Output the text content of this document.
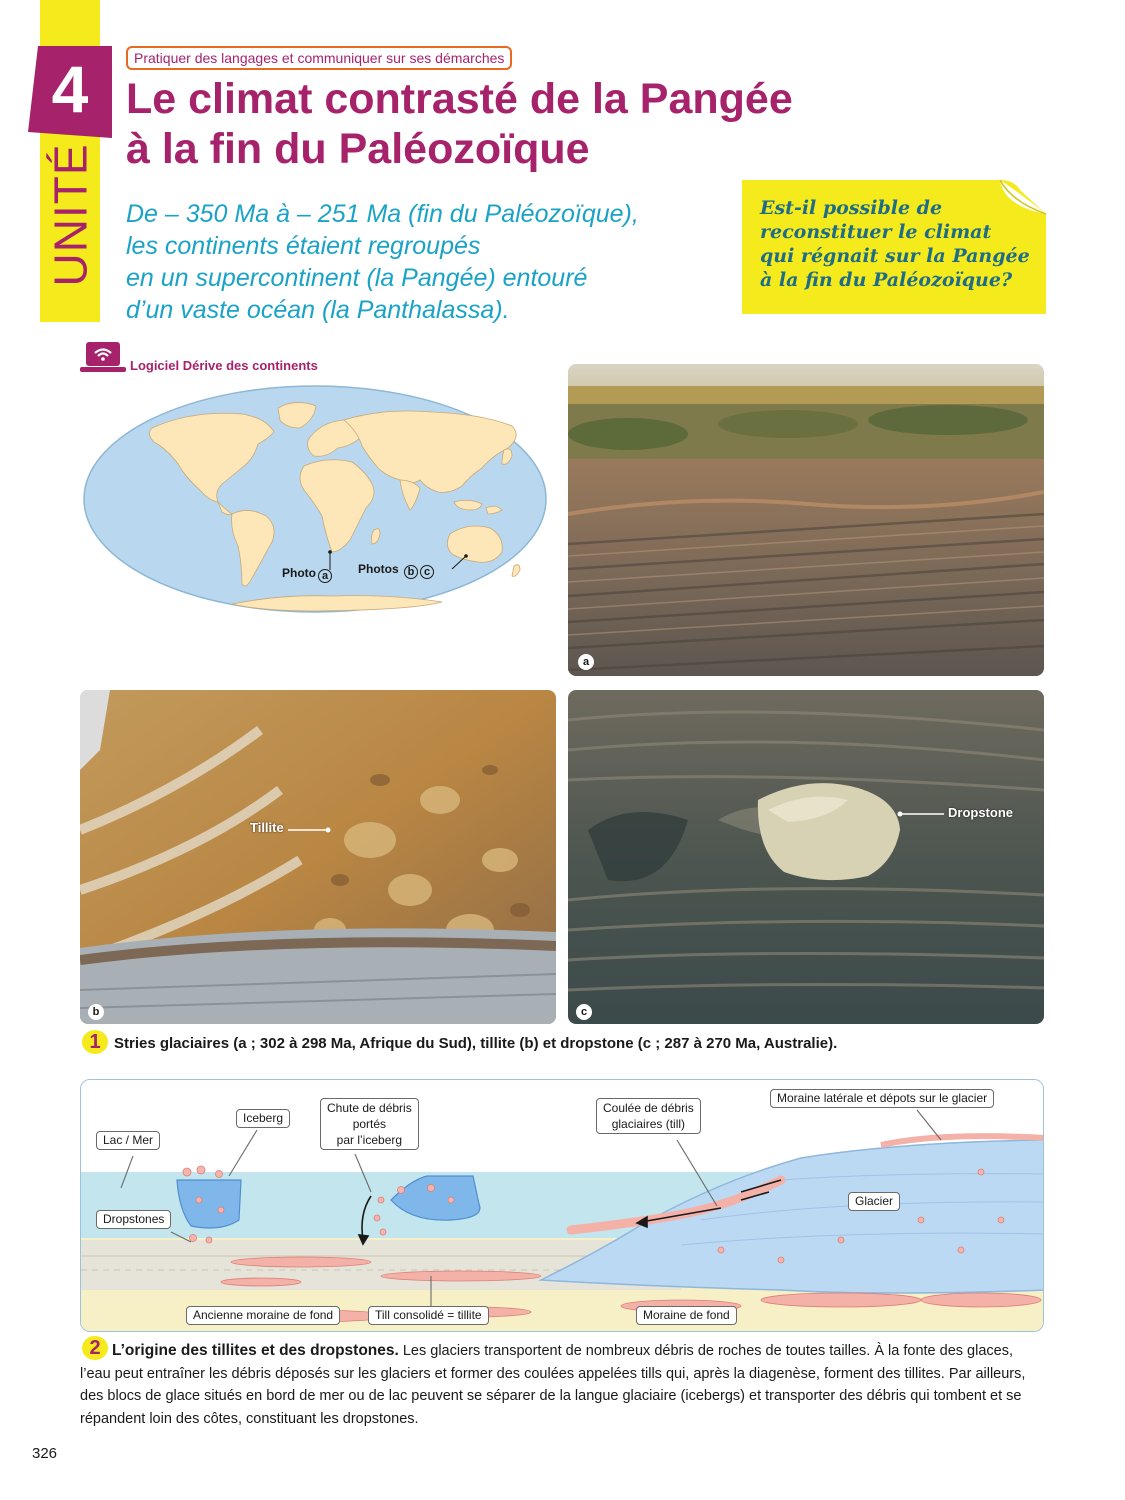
UNITÉ
4	Pratiquer des langages et communiquer sur ses démarches
Le climat contrasté de la Pangée
à la fin du Paléozoïque
De – 350 Ma à – 251 Ma (fin du Paléozoïque),
les continents étaient regroupés
en un supercontinent (la Pangée) entouré
d’un vaste océan (la Panthalassa).
Est-il possible de
reconstituer le climat
qui régnait sur la Pangée
à la fin du Paléozoïque?
Logiciel Dérive des continents
Photo a	Photos b c
a
Tillite
b
Dropstone
c
1 Stries glaciaires (a ; 302 à 298 Ma, Afrique du Sud), tillite (b) et dropstone (c ; 287 à 270 Ma, Australie).
Lac / Mer
Iceberg
Chute de débris
portés
par l’iceberg
Coulée de débris
glaciaires (till)
Moraine latérale et dépots sur le glacier
Glacier
Dropstones
Ancienne moraine de fond	Till consolidé = tillite	Moraine de fond
2 L’origine des tillites et des dropstones. Les glaciers transportent de nombreux débris de roches de toutes tailles. À la fonte des glaces, l’eau peut entraîner les débris déposés sur les glaciers et former des coulées appelées tills qui, après la diagenèse, forment des tillites. Par ailleurs, des blocs de glace situés en bord de mer ou de lac peuvent se séparer de la langue glaciaire (icebergs) et transporter des débris qui tombent et se répandent loin des côtes, constituant les dropstones.
326
